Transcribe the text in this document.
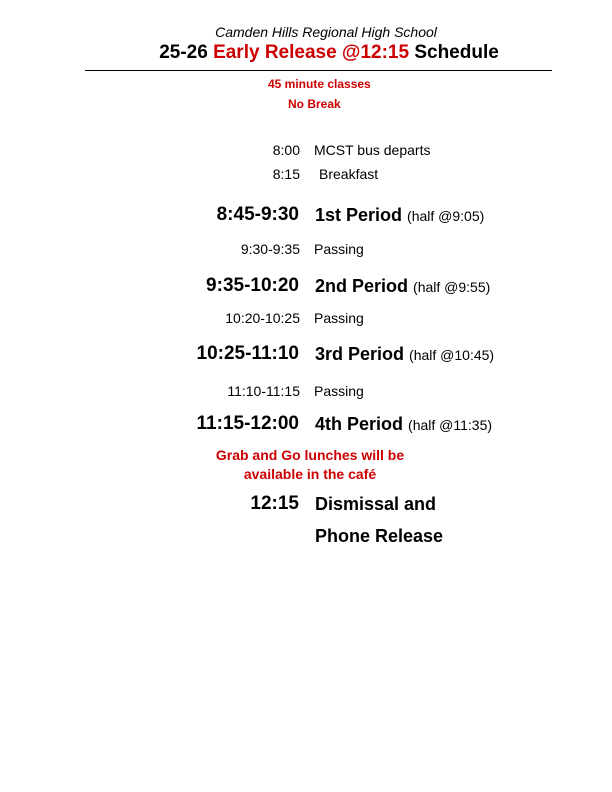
Camden Hills Regional High School
25-26 Early Release @12:15 Schedule
45 minute classes
No Break
8:00 MCST bus departs
8:15 Breakfast
8:45-9:30 1st Period (half @9:05)
9:30-9:35 Passing
9:35-10:20 2nd Period (half @9:55)
10:20-10:25 Passing
10:25-11:10 3rd Period (half @10:45)
11:10-11:15 Passing
11:15-12:00 4th Period (half @11:35)
Grab and Go lunches will be
available in the café
12:15 Dismissal and
Phone Release
